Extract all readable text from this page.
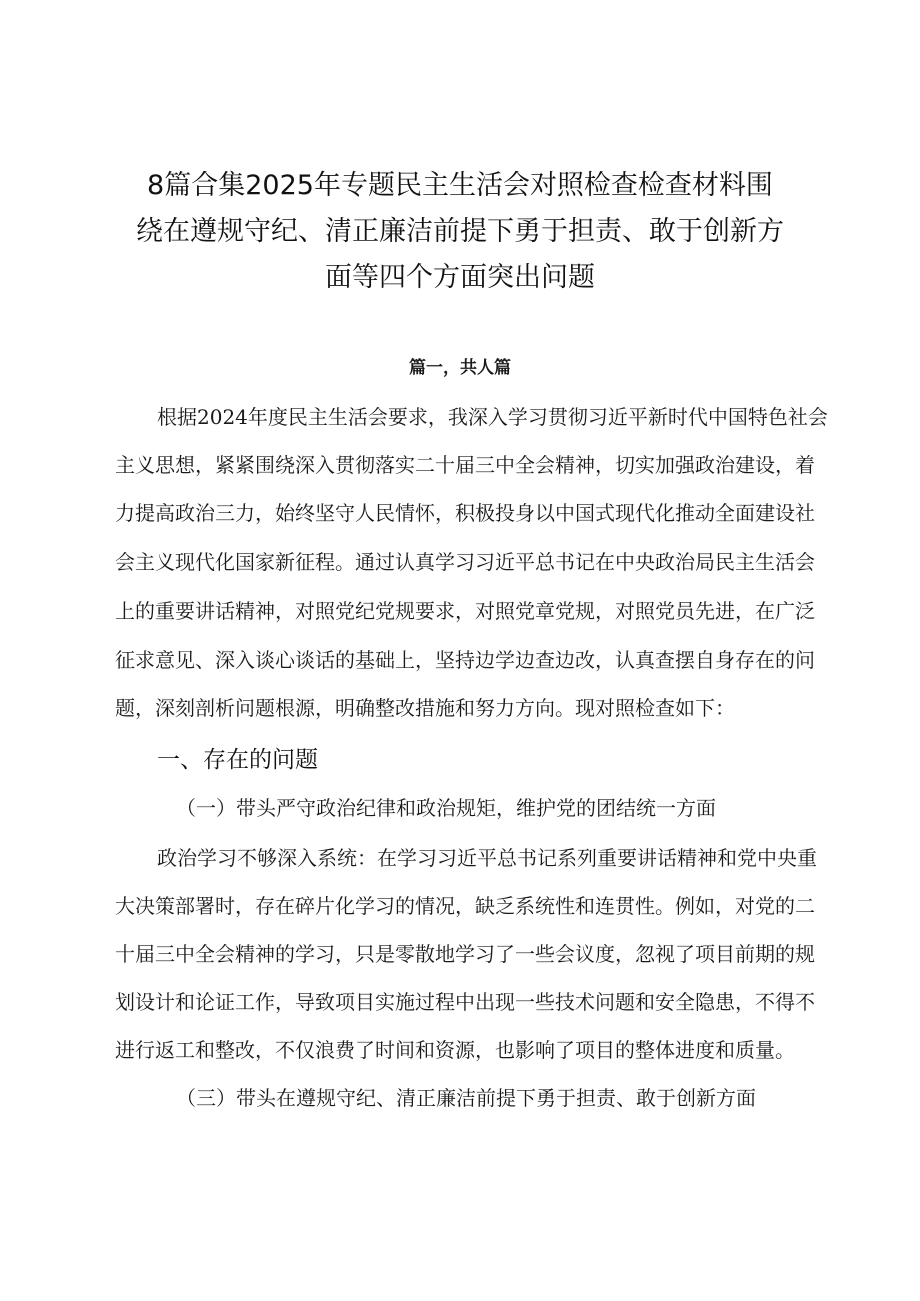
8篇合集2025年专题民主生活会对照检查检查材料围
绕在遵规守纪、清正廉洁前提下勇于担责、敢于创新方
面等四个方面突出问题
篇一，共人篇
根据2024年度民主生活会要求，我深入学习贯彻习近平新时代中国特色社会
主义思想，紧紧围绕深入贯彻落实二十届三中全会精神，切实加强政治建设，着
力提高政治三力，始终坚守人民情怀，积极投身以中国式现代化推动全面建设社
会主义现代化国家新征程。通过认真学习习近平总书记在中央政治局民主生活会
上的重要讲话精神，对照党纪党规要求，对照党章党规，对照党员先进，在广泛
征求意见、深入谈心谈话的基础上，坚持边学边查边改，认真查摆自身存在的问
题，深刻剖析问题根源，明确整改措施和努力方向。现对照检查如下：
一、存在的问题
（一）带头严守政治纪律和政治规矩，维护党的团结统一方面
政治学习不够深入系统：在学习习近平总书记系列重要讲话精神和党中央重
大决策部署时，存在碎片化学习的情况，缺乏系统性和连贯性。例如，对党的二
十届三中全会精神的学习，只是零散地学习了一些会议度，忽视了项目前期的规
划设计和论证工作，导致项目实施过程中出现一些技术问题和安全隐患，不得不
进行返工和整改，不仅浪费了时间和资源，也影响了项目的整体进度和质量。
（三）带头在遵规守纪、清正廉洁前提下勇于担责、敢于创新方面
